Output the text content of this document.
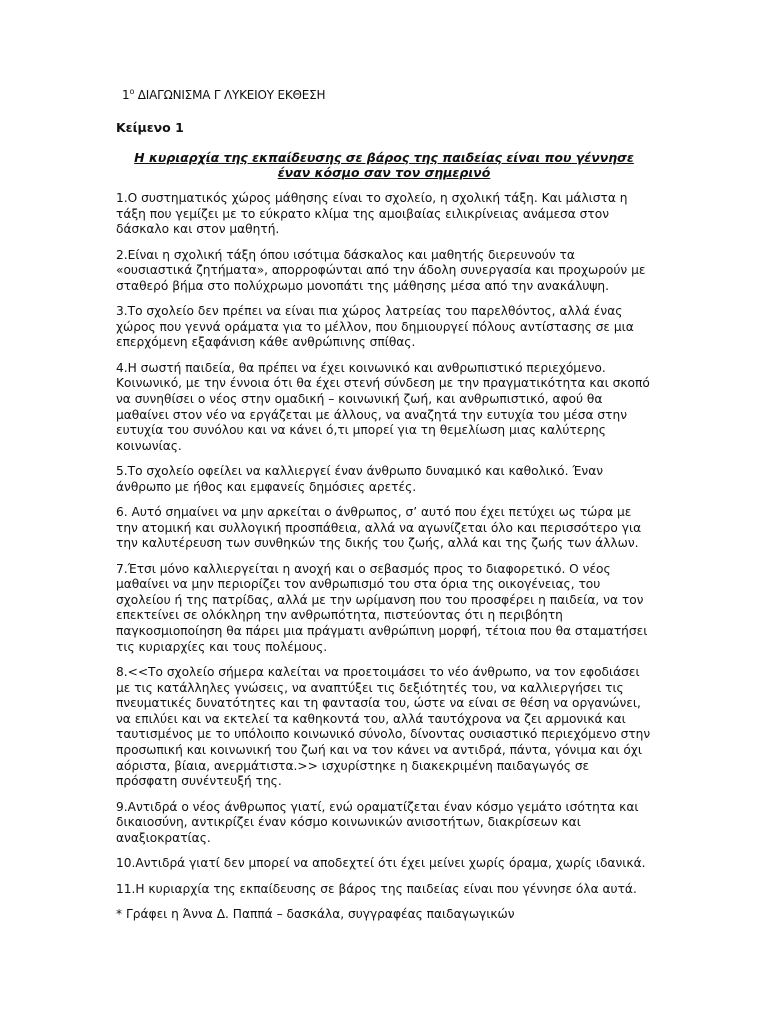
$1^o$ ΔΙΑΓΩΝΙΣΜΑ Γ ΛΥΚΕΙΟΥ ΕΚΘΕΣΗ
Κείμενο 1
Η κυριαρχία της εκπαίδευσης σε βάρος της παιδείας είναι που γέννησε
έναν κόσμο σαν τον σημερινό

1.Ο συστηματικός χώρος μάθησης είναι το σχολείο, η σχολική τάξη. Και μάλιστα η τάξη που γεμίζει με το εύκρατο κλίμα της αμοιβαίας ειλικρίνειας ανάμεσα στον δάσκαλο και στον μαθητή.

2.Είναι η σχολική τάξη όπου ισότιμα δάσκαλος και μαθητής διερευνούν τα «ουσιαστικά ζητήματα», απορροφώνται από την άδολη συνεργασία και προχωρούν με σταθερό βήμα στο πολύχρωμο μονοπάτι της μάθησης μέσα από την ανακάλυψη.

3.Το σχολείο δεν πρέπει να είναι πια χώρος λατρείας του παρελθόντος, αλλά ένας χώρος που γεννά οράματα για το μέλλον, που δημιουργεί πόλους αντίστασης σε μια επερχόμενη εξαφάνιση κάθε ανθρώπινης σπίθας.

4.Η σωστή παιδεία, θα πρέπει να έχει κοινωνικό και ανθρωπιστικό περιεχόμενο. Κοινωνικό, με την έννοια ότι θα έχει στενή σύνδεση με την πραγματικότητα και σκοπό να συνηθίσει ο νέος στην ομαδική – κοινωνική ζωή, και ανθρωπιστικό, αφού θα μαθαίνει στον νέο να εργάζεται με άλλους, να αναζητά την ευτυχία του μέσα στην ευτυχία του συνόλου και να κάνει ό,τι μπορεί για τη θεμελίωση μιας καλύτερης κοινωνίας.

5.Το σχολείο οφείλει να καλλιεργεί έναν άνθρωπο δυναμικό και καθολικό. Έναν άνθρωπο με ήθος και εμφανείς δημόσιες αρετές.

6. Αυτό σημαίνει να μην αρκείται ο άνθρωπος, σ’ αυτό που έχει πετύχει ως τώρα με την ατομική και συλλογική προσπάθεια, αλλά να αγωνίζεται όλο και περισσότερο για την καλυτέρευση των συνθηκών της δικής του ζωής, αλλά και της ζωής των άλλων.

7.Έτσι μόνο καλλιεργείται η ανοχή και ο σεβασμός προς το διαφορετικό. Ο νέος μαθαίνει να μην περιορίζει τον ανθρωπισμό του στα όρια της οικογένειας, του σχολείου ή της πατρίδας, αλλά με την ωρίμανση που του προσφέρει η παιδεία, να τον επεκτείνει σε ολόκληρη την ανθρωπότητα, πιστεύοντας ότι η περιβόητη παγκοσμιοποίηση θα πάρει μια πράγματι ανθρώπινη μορφή, τέτοια που θα σταματήσει τις κυριαρχίες και τους πολέμους.

8.<<Το σχολείο σήμερα καλείται να προετοιμάσει το νέο άνθρωπο, να τον εφοδιάσει με τις κατάλληλες γνώσεις, να αναπτύξει τις δεξιότητές του, να καλλιεργήσει τις πνευματικές δυνατότητες και τη φαντασία του, ώστε να είναι σε θέση να οργανώνει, να επιλύει και να εκτελεί τα καθηκοντά του, αλλά ταυτόχρονα να ζει αρμονικά και ταυτισμένος με το υπόλοιπο κοινωνικό σύνολο, δίνοντας ουσιαστικό περιεχόμενο στην προσωπική και κοινωνική του ζωή και να τον κάνει να αντιδρά, πάντα, γόνιμα και όχι αόριστα, βίαια, ανερμάτιστα.>> ισχυρίστηκε η διακεκριμένη παιδαγωγός σε πρόσφατη συνέντευξή της.

9.Αντιδρά ο νέος άνθρωπος γιατί, ενώ οραματίζεται έναν κόσμο γεμάτο ισότητα και δικαιοσύνη, αντικρίζει έναν κόσμο κοινωνικών ανισοτήτων, διακρίσεων και αναξιοκρατίας.

10.Αντιδρά γιατί δεν μπορεί να αποδεχτεί ότι έχει μείνει χωρίς όραμα, χωρίς ιδανικά.

11.Η κυριαρχία της εκπαίδευσης σε βάρος της παιδείας είναι που γέννησε όλα αυτά.

* Γράφει η Άννα Δ. Παππά – δασκάλα, συγγραφέας παιδαγωγικών
